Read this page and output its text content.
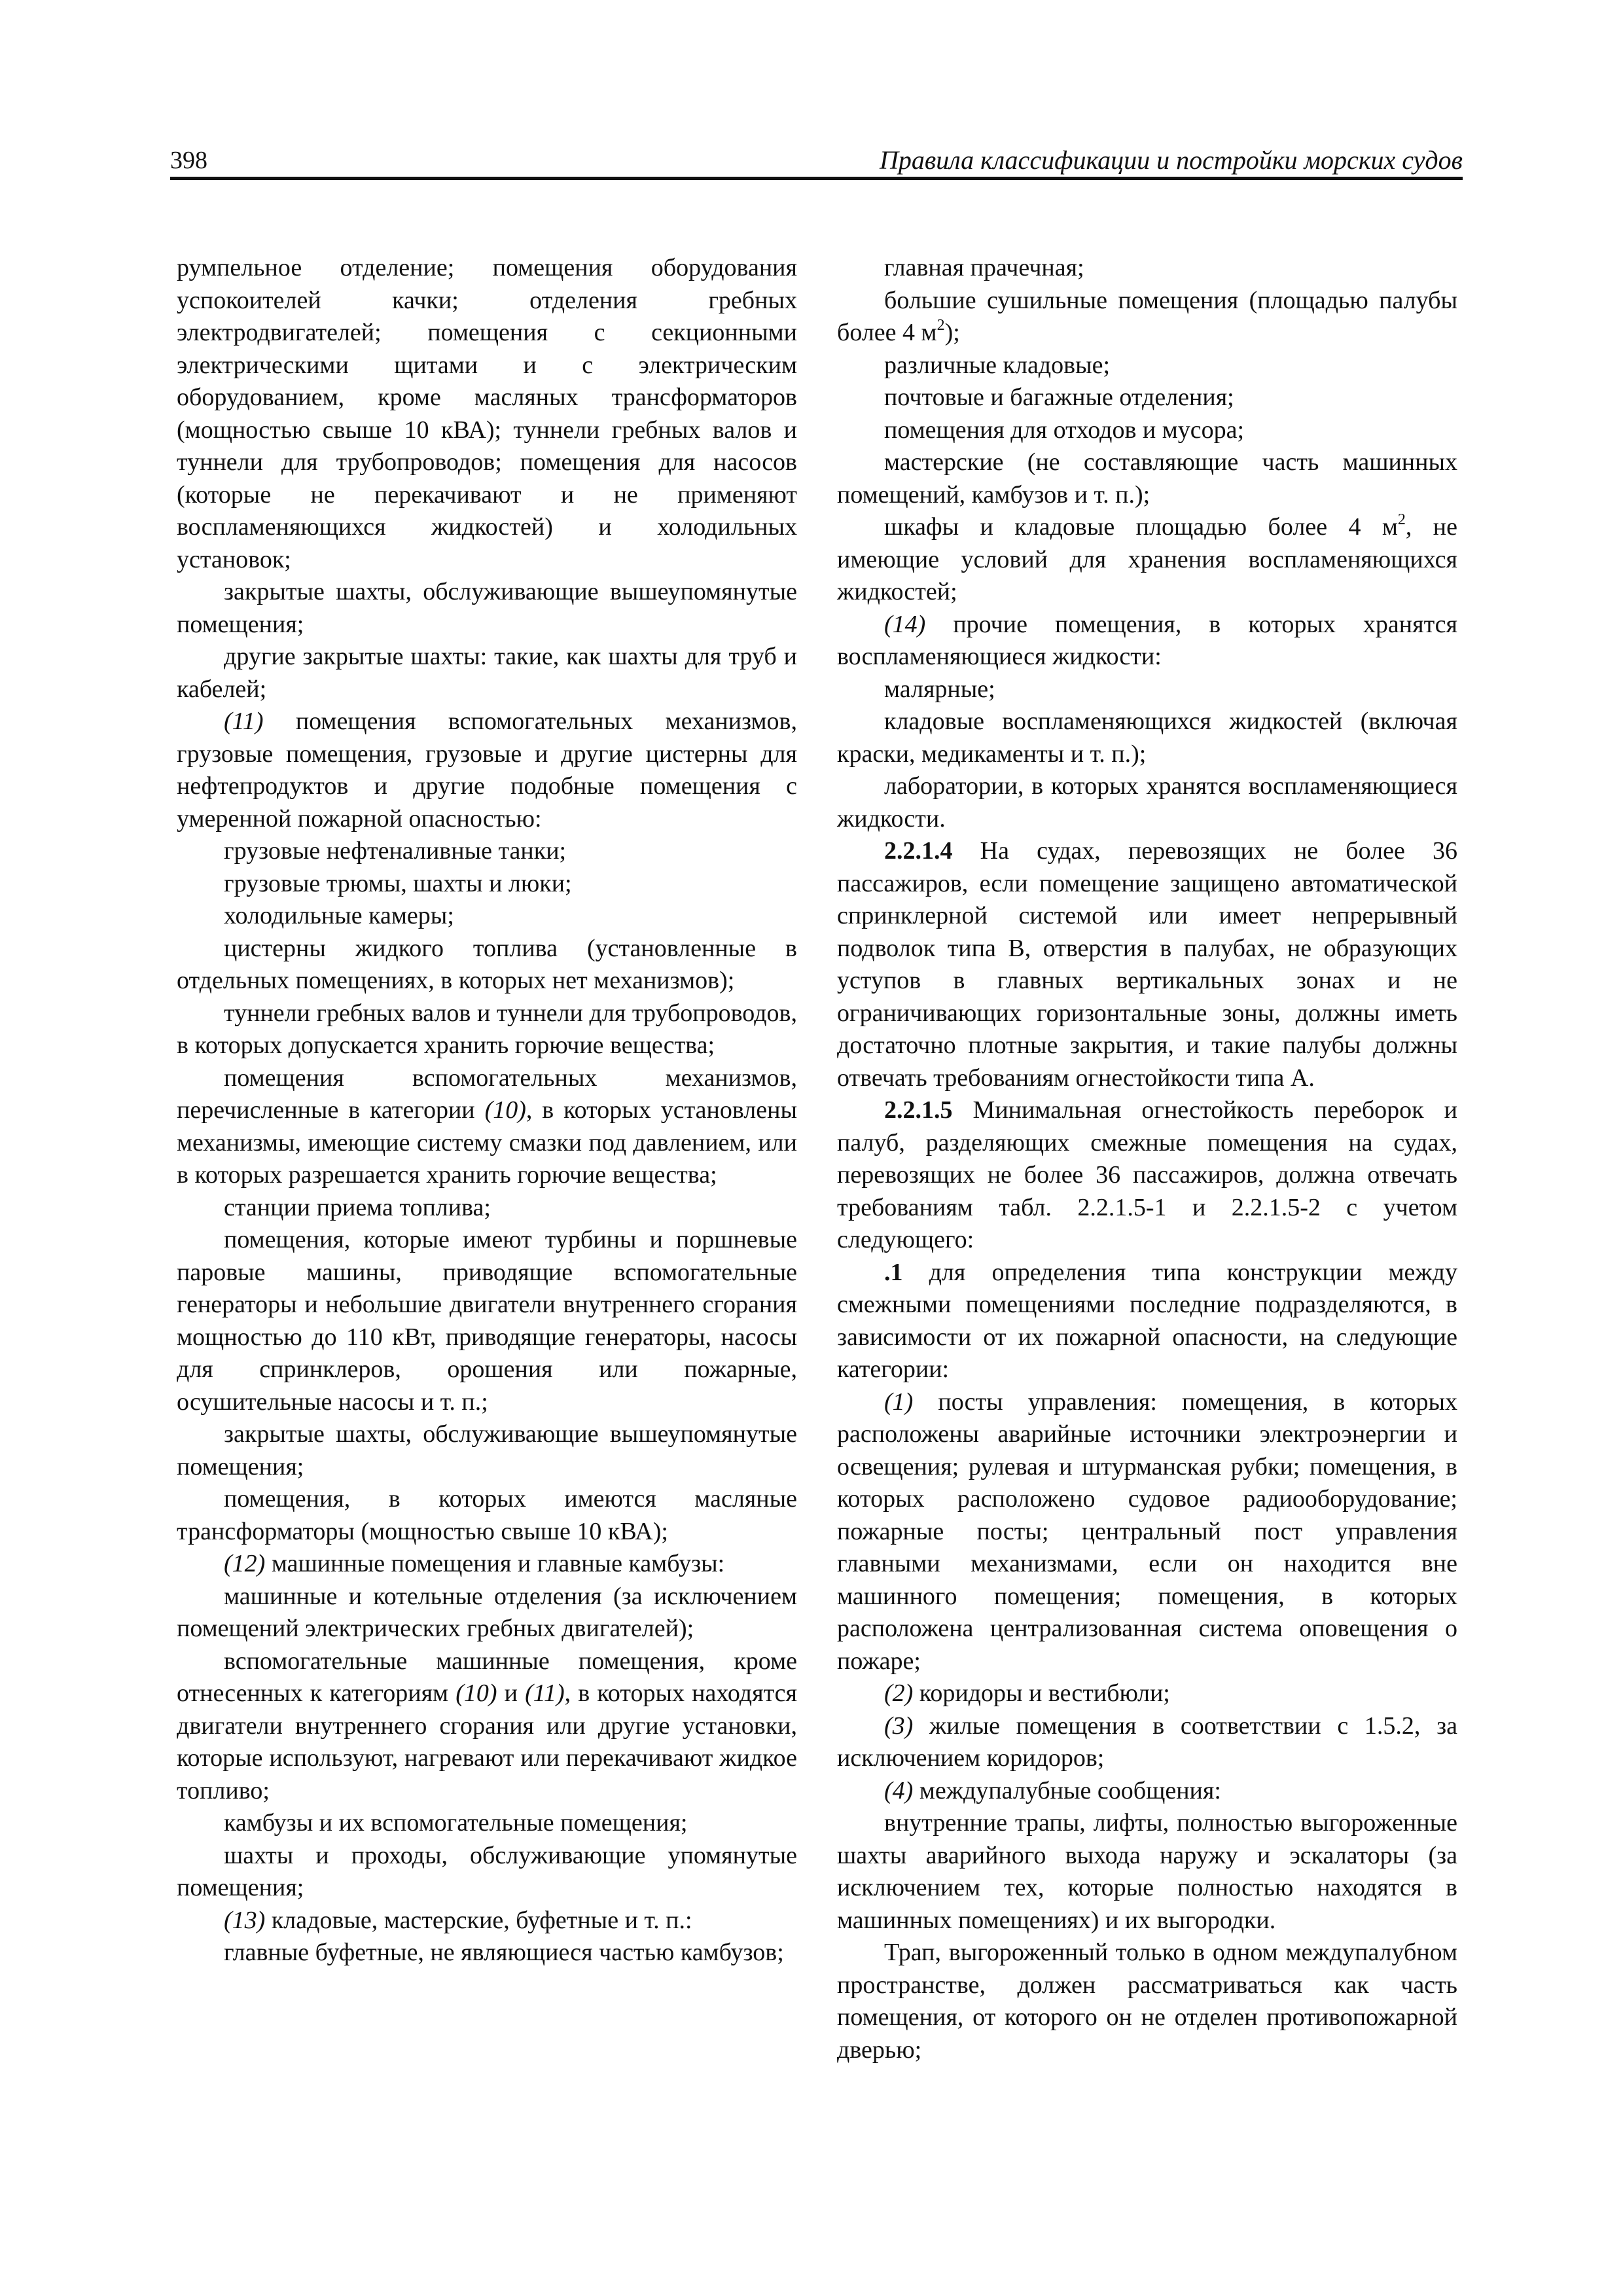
398	Правила классификации и постройки морских судов

румпельное отделение; помещения оборудования успокоителей качки; отделения гребных электродвигателей; помещения с секционными электрическими щитами и с электрическим оборудованием, кроме масляных трансформаторов (мощностью свыше 10 кВА); туннели гребных валов и туннели для трубопроводов; помещения для насосов (которые не перекачивают и не применяют воспламеняющихся жидкостей) и холодильных установок;

закрытые шахты, обслуживающие вышеупомянутые помещения;

другие закрытые шахты: такие, как шахты для труб и кабелей;

(11) помещения вспомогательных механизмов, грузовые помещения, грузовые и другие цистерны для нефтепродуктов и другие подобные помещения с умеренной пожарной опасностью:

грузовые нефтеналивные танки;

грузовые трюмы, шахты и люки;

холодильные камеры;

цистерны жидкого топлива (установленные в отдельных помещениях, в которых нет механизмов);

туннели гребных валов и туннели для трубопроводов, в которых допускается хранить горючие вещества;

помещения вспомогательных механизмов, перечисленные в категории (10), в которых установлены механизмы, имеющие систему смазки под давлением, или в которых разрешается хранить горючие вещества;

станции приема топлива;

помещения, которые имеют турбины и поршневые паровые машины, приводящие вспомогательные генераторы и небольшие двигатели внутреннего сгорания мощностью до 110 кВт, приводящие генераторы, насосы для спринклеров, орошения или пожарные, осушительные насосы и т. п.;

закрытые шахты, обслуживающие вышеупомянутые помещения;

помещения, в которых имеются масляные трансформаторы (мощностью свыше 10 кВА);

(12) машинные помещения и главные камбузы:

машинные и котельные отделения (за исключением помещений электрических гребных двигателей);

вспомогательные машинные помещения, кроме отнесенных к категориям (10) и (11), в которых находятся двигатели внутреннего сгорания или другие установки, которые используют, нагревают или перекачивают жидкое топливо;

камбузы и их вспомогательные помещения;

шахты и проходы, обслуживающие упомянутые помещения;

(13) кладовые, мастерские, буфетные и т. п.:

главные буфетные, не являющиеся частью камбузов;

главная прачечная;

большие сушильные помещения (площадью палубы более 4 $м^2$);

различные кладовые;

почтовые и багажные отделения;

помещения для отходов и мусора;

мастерские (не составляющие часть машинных помещений, камбузов и т. п.);

шкафы и кладовые площадью более 4 $м^2$, не имеющие условий для хранения воспламеняющихся жидкостей;

(14) прочие помещения, в которых хранятся воспламеняющиеся жидкости:

малярные;

кладовые воспламеняющихся жидкостей (включая краски, медикаменты и т. п.);

лаборатории, в которых хранятся воспламеняющиеся жидкости.

2.2.1.4 На судах, перевозящих не более 36 пассажиров, если помещение защищено автоматической спринклерной системой или имеет непрерывный подволок типа В, отверстия в палубах, не образующих уступов в главных вертикальных зонах и не ограничивающих горизонтальные зоны, должны иметь достаточно плотные закрытия, и такие палубы должны отвечать требованиям огнестойкости типа А.

2.2.1.5 Минимальная огнестойкость переборок и палуб, разделяющих смежные помещения на судах, перевозящих не более 36 пассажиров, должна отвечать требованиям табл. 2.2.1.5-1 и 2.2.1.5-2 с учетом следующего:

.1 для определения типа конструкции между смежными помещениями последние подразделяются, в зависимости от их пожарной опасности, на следующие категории:

(1) посты управления: помещения, в которых расположены аварийные источники электроэнергии и освещения; рулевая и штурманская рубки; помещения, в которых расположено судовое радиооборудование; пожарные посты; центральный пост управления главными механизмами, если он находится вне машинного помещения; помещения, в которых расположена централизованная система оповещения о пожаре;

(2) коридоры и вестибюли;

(3) жилые помещения в соответствии с 1.5.2, за исключением коридоров;

(4) междупалубные сообщения:

внутренние трапы, лифты, полностью выгороженные шахты аварийного выхода наружу и эскалаторы (за исключением тех, которые полностью находятся в машинных помещениях) и их выгородки.

Трап, выгороженный только в одном междупалубном пространстве, должен рассматриваться как часть помещения, от которого он не отделен противопожарной дверью;
